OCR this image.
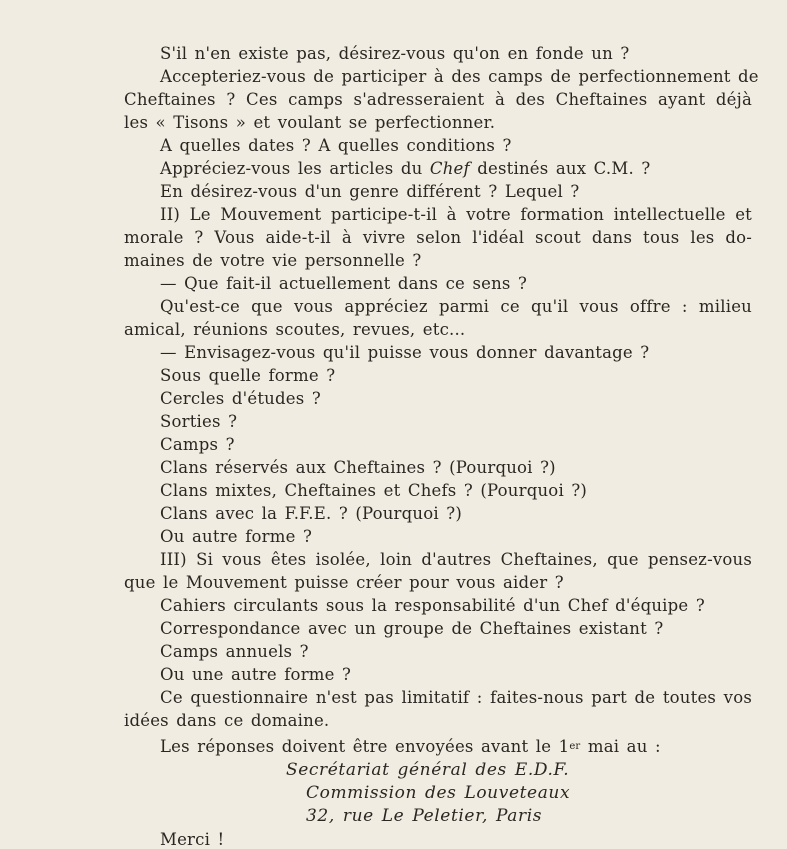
S'il n'en existe pas, désirez-vous qu'on en fonde un ?
Accepteriez-vous de participer à des camps de perfectionnement de
Cheftaines ? Ces camps s'adresseraient à des Cheftaines ayant déjà
les « Tisons » et voulant se perfectionner.
A quelles dates ? A quelles conditions ?
Appréciez-vous les articles du Chef destinés aux C.M. ?
En désirez-vous d'un genre différent ? Lequel ?
II) Le Mouvement participe-t-il à votre formation intellectuelle et
morale ? Vous aide-t-il à vivre selon l'idéal scout dans tous les do-
maines de votre vie personnelle ?
— Que fait-il actuellement dans ce sens ?
Qu'est-ce que vous appréciez parmi ce qu'il vous offre : milieu
amical, réunions scoutes, revues, etc...
— Envisagez-vous qu'il puisse vous donner davantage ?
Sous quelle forme ?
Cercles d'études ?
Sorties ?
Camps ?
Clans réservés aux Cheftaines ? (Pourquoi ?)
Clans mixtes, Cheftaines et Chefs ? (Pourquoi ?)
Clans avec la F.F.E. ? (Pourquoi ?)
Ou autre forme ?
III) Si vous êtes isolée, loin d'autres Cheftaines, que pensez-vous
que le Mouvement puisse créer pour vous aider ?
Cahiers circulants sous la responsabilité d'un Chef d'équipe ?
Correspondance avec un groupe de Cheftaines existant ?
Camps annuels ?
Ou une autre forme ?
Ce questionnaire n'est pas limitatif : faites-nous part de toutes vos
idées dans ce domaine.
Les réponses doivent être envoyées avant le 1er mai au :
Secrétariat général des E.D.F.
Commission des Louveteaux
32, rue Le Peletier, Paris
Merci !
